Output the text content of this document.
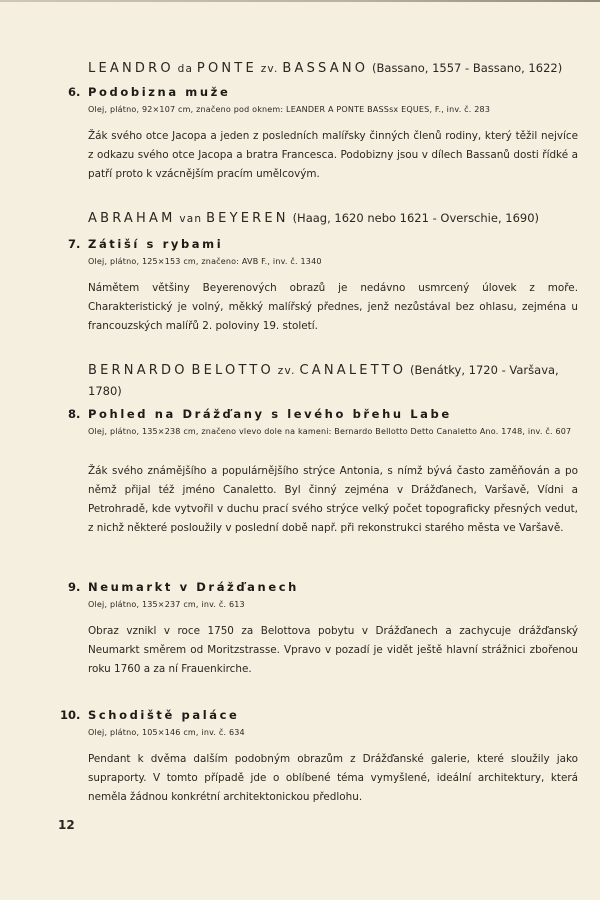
LEANDRO da PONTE zv. BASSANO (Bassano, 1557 - Bassano, 1622)
6. Podobizna muže
Olej, plátno, 92×107 cm, značeno pod oknem: LEANDER A PONTE BASSsx EQUES, F., inv. č. 283
Žák svého otce Jacopa a jeden z posledních malířsky činných členů rodiny, který těžil nejvíce z odkazu svého otce Jacopa a bratra Francesca. Podobizny jsou v dílech Bassanů dosti řídké a patří proto k vzácnějším pracím umělcovým.
ABRAHAM van BEYEREN (Haag, 1620 nebo 1621 - Overschie, 1690)
7. Zátiší s rybami
Olej, plátno, 125×153 cm, značeno: AVB F., inv. č. 1340
Námětem většiny Beyerenových obrazů je nedávno usmrcený úlovek z moře. Charakteristický je volný, měkký malířský přednes, jenž nezůstával bez ohlasu, zejména u francouzských malířů 2. poloviny 19. století.
BERNARDO BELOTTO zv. CANALETTO (Benátky, 1720 - Varšava, 1780)
8. Pohled na Drážďany s levého břehu Labe
Olej, plátno, 135×238 cm, značeno vlevo dole na kameni: Bernardo Bellotto Detto Canaletto Ano. 1748, inv. č. 607
Žák svého známějšího a populárnějšího strýce Antonia, s nímž bývá často zaměňován a po němž přijal též jméno Canaletto. Byl činný zejména v Drážďanech, Varšavě, Vídni a Petrohradě, kde vytvořil v duchu prací svého strýce velký počet topograficky přesných vedut, z nichž některé posloužily v poslední době např. při rekonstrukci starého města ve Varšavě.
9. Neumarkt v Drážďanech
Olej, plátno, 135×237 cm, inv. č. 613
Obraz vznikl v roce 1750 za Belottova pobytu v Drážďanech a zachycuje drážďanský Neumarkt směrem od Moritzstrasse. Vpravo v pozadí je vidět ještě hlavní strážnici zbořenou roku 1760 a za ní Frauenkirche.
10. Schodiště paláce
Olej, plátno, 105×146 cm, inv. č. 634
Pendant k dvěma dalším podobným obrazům z Drážďanské galerie, které sloužily jako supraporty. V tomto případě jde o oblíbené téma vymyšlené, ideální architektury, která neměla žádnou konkrétní architektonickou předlohu.
12
